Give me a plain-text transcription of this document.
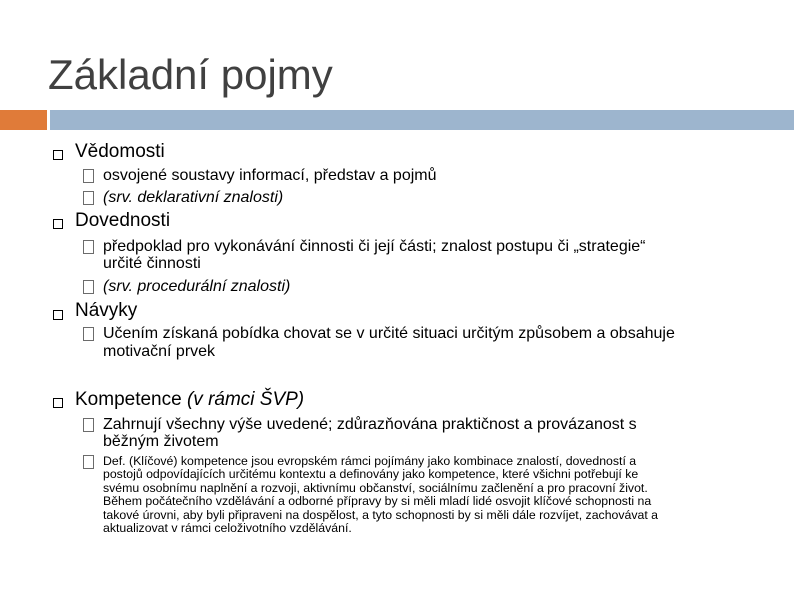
Základní pojmy
Vědomosti
osvojené soustavy informací, představ a pojmů
(srv. deklarativní znalosti)
Dovednosti
předpoklad pro vykonávání činnosti či její části; znalost postupu či „strategie“
určité činnosti
(srv. procedurální znalosti)
Návyky
Učením získaná pobídka chovat se v určité situaci určitým způsobem a obsahuje
motivační prvek
Kompetence (v rámci ŠVP)
Zahrnují všechny výše uvedené; zdůrazňována praktičnost a provázanost s
běžným životem
Def. (Klíčové) kompetence jsou evropském rámci pojímány jako kombinace znalostí, dovedností a
postojů odpovídajících určitému kontextu a definovány jako kompetence, které všichni potřebují ke
svému osobnímu naplnění a rozvoji, aktivnímu občanství, sociálnímu začlenění a pro pracovní život.
Během počátečního vzdělávání a odborné přípravy by si měli mladí lidé osvojit klíčové schopnosti na
takové úrovni, aby byli připraveni na dospělost, a tyto schopnosti by si měli dále rozvíjet, zachovávat a
aktualizovat v rámci celoživotního vzdělávání.
